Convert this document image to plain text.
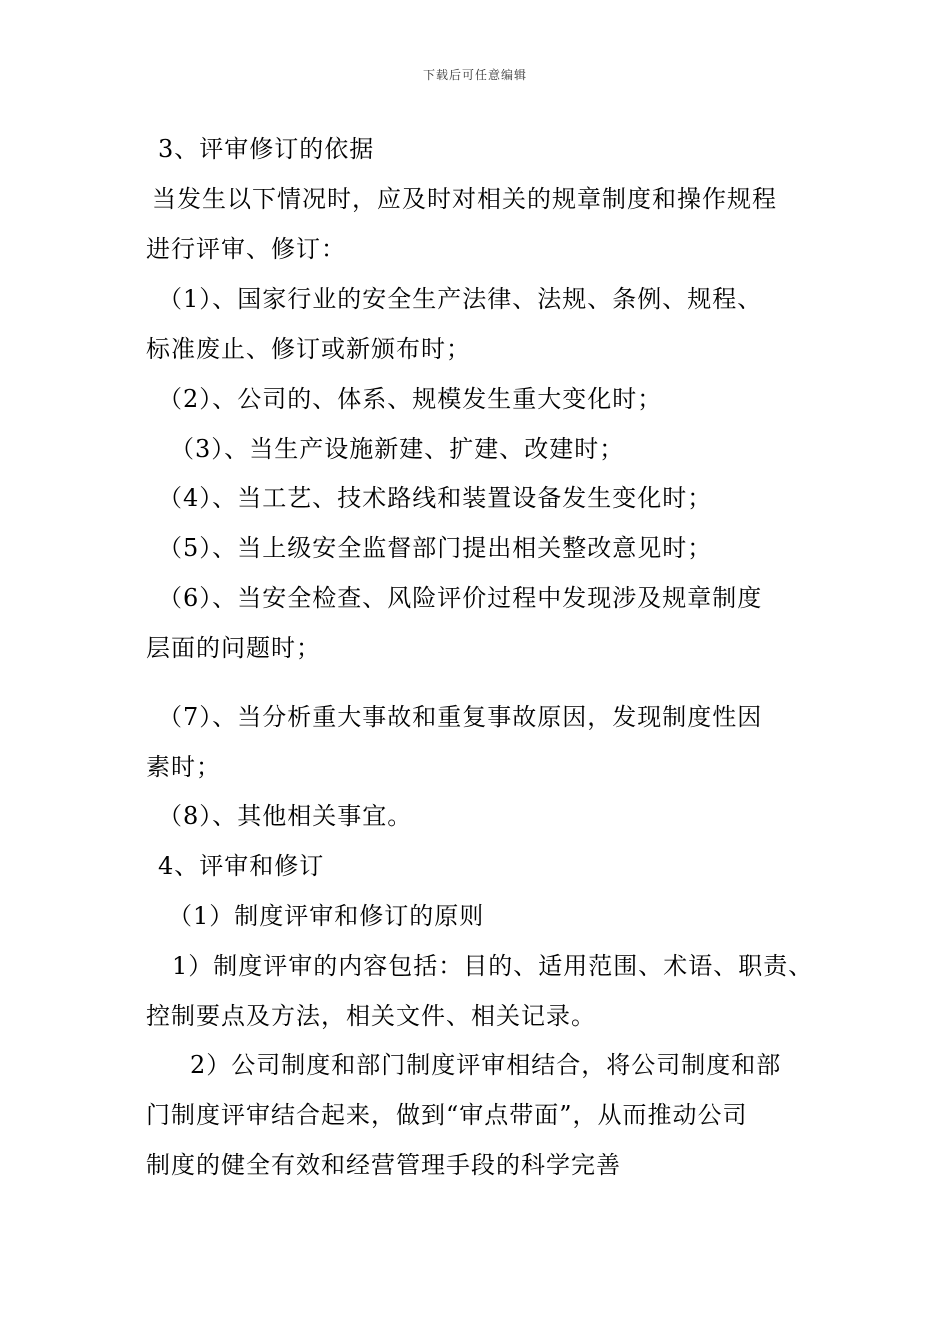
下载后可任意编辑
3、评审修订的依据
当发生以下情况时，应及时对相关的规章制度和操作规程
进行评审、修订：
（1）、国家行业的安全生产法律、法规、条例、规程、
标准废止、修订或新颁布时；
（2）、公司的、体系、规模发生重大变化时；
（3）、当生产设施新建、扩建、改建时；
（4）、当工艺、技术路线和装置设备发生变化时；
（5）、当上级安全监督部门提出相关整改意见时；
（6）、当安全检查、风险评价过程中发现涉及规章制度
层面的问题时；
（7）、当分析重大事故和重复事故原因，发现制度性因
素时；
（8）、其他相关事宜。
4、评审和修订
（1）制度评审和修订的原则
1）制度评审的内容包括：目的、适用范围、术语、职责、
控制要点及方法，相关文件、相关记录。
2）公司制度和部门制度评审相结合，将公司制度和部
门制度评审结合起来，做到“审点带面”，从而推动公司
制度的健全有效和经营管理手段的科学完善
